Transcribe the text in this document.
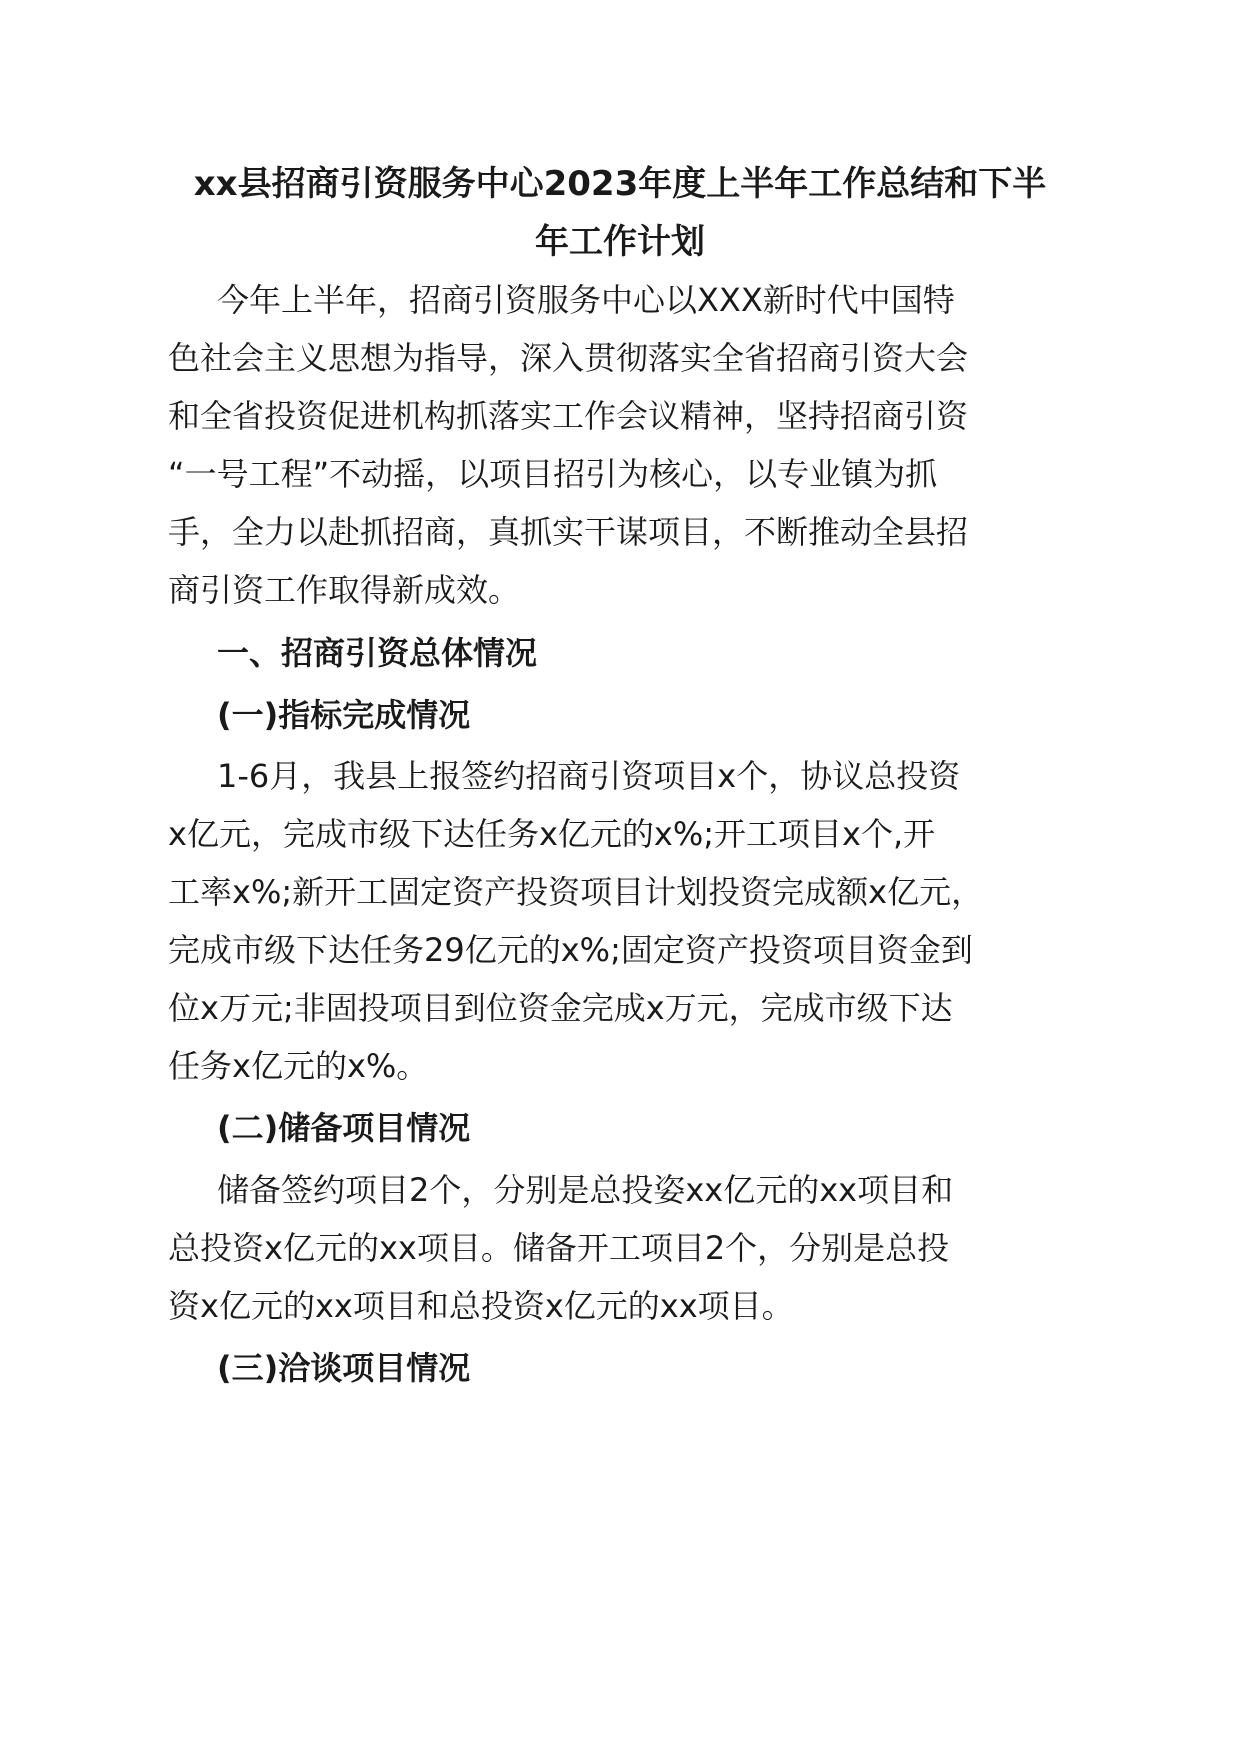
xx县招商引资服务中心2023年度上半年工作总结和下半
年工作计划

今年上半年，招商引资服务中心以XXX新时代中国特

色社会主义思想为指导，深入贯彻落实全省招商引资大会

和全省投资促进机构抓落实工作会议精神，坚持招商引资

“一号工程”不动摇，以项目招引为核心，以专业镇为抓

手，全力以赴抓招商，真抓实干谋项目，不断推动全县招

商引资工作取得新成效。

一、招商引资总体情况
(一)指标完成情况

1-6月，我县上报签约招商引资项目x个，协议总投资

x亿元，完成市级下达任务x亿元的x%;开工项目x个,开

工率x%;新开工固定资产投资项目计划投资完成额x亿元，

完成市级下达任务29亿元的x%;固定资产投资项目资金到

位x万元;非固投项目到位资金完成x万元，完成市级下达

任务x亿元的x%。

(二)储备项目情况

储备签约项目2个，分别是总投姿xx亿元的xx项目和

总投资x亿元的xx项目。储备开工项目2个，分别是总投

资x亿元的xx项目和总投资x亿元的xx项目。

(三)洽谈项目情况
